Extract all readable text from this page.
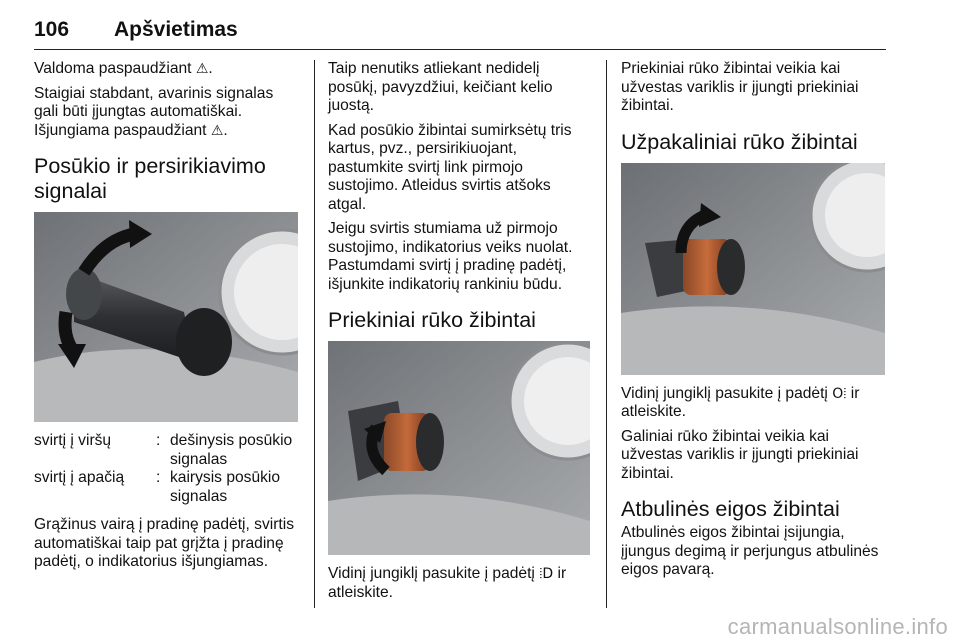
106 Apšvietimas

Valdoma paspaudžiant ⚠.

Staigiai stabdant, avarinis signalas gali būti įjungtas automatiškai.

Išjungiama paspaudžiant ⚠.

Posūkio ir persirikiavimo signalai
svirtį į viršų	: dešinysis posūkio signalas
svirtį į apačią	: kairysis posūkio signalas

Grąžinus vairą į pradinę padėtį, svirtis automatiškai taip pat grįžta į pradinę padėtį, o indikatorius išjungiamas.

Taip nenutiks atliekant nedidelį posūkį, pavyzdžiui, keičiant kelio juostą.

Kad posūkio žibintai sumirksėtų tris kartus, pvz., persirikiuojant, pastumkite svirtį link pirmojo sustojimo. Atleidus svirtis atšoks atgal.

Jeigu svirtis stumiama už pirmojo sustojimo, indikatorius veiks nuolat. Pastumdami svirtį į pradinę padėtį, išjunkite indikatorių rankiniu būdu.

Priekiniai rūko žibintai

Vidinį jungiklį pasukite į padėtį ⦙D ir atleiskite.

Priekiniai rūko žibintai veikia kai užvestas variklis ir įjungti priekiniai žibintai.

Užpakaliniai rūko žibintai

Vidinį jungiklį pasukite į padėtį O⦙ ir atleiskite.

Galiniai rūko žibintai veikia kai užvestas variklis ir įjungti priekiniai žibintai.

Atbulinės eigos žibintai

Atbulinės eigos žibintai įsijungia, įjungus degimą ir perjungus atbulinės eigos pavarą.

carmanualsonline.info
